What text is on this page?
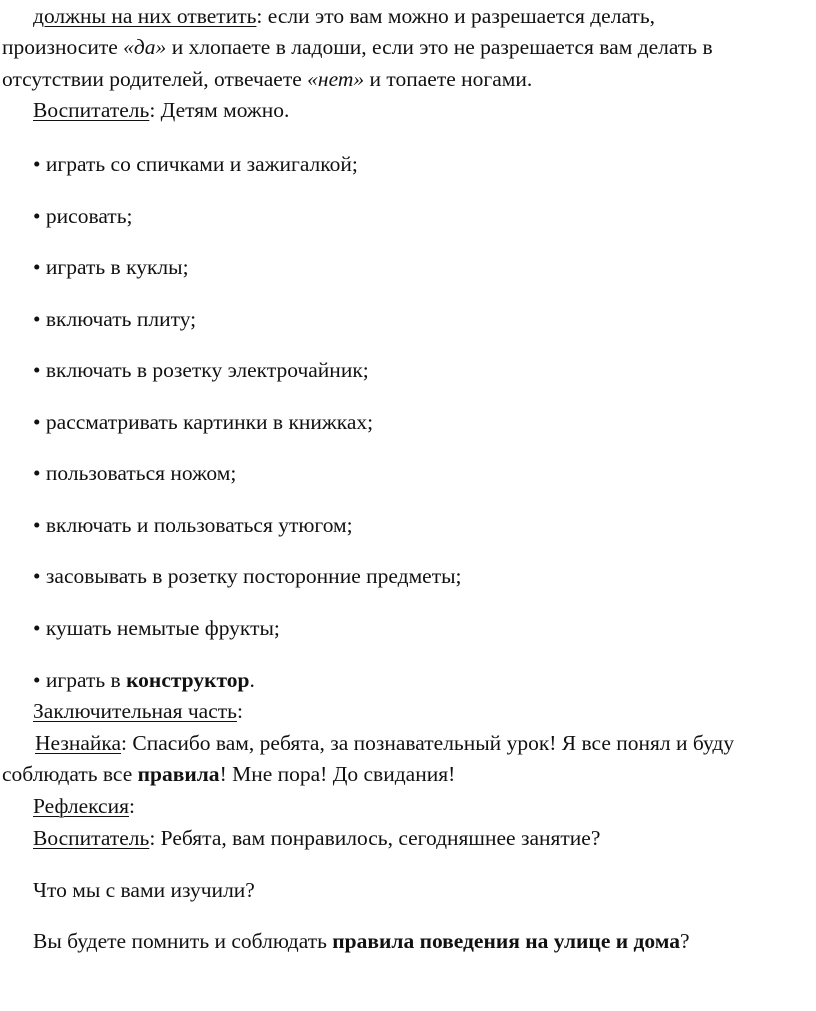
должны на них ответить: если это вам можно и разрешается делать,
произносите «да» и хлопаете в ладоши, если это не разрешается вам делать в
отсутствии родителей, отвечаете «нет» и топаете ногами.
Воспитатель: Детям можно.
• играть со спичками и зажигалкой;
• рисовать;
• играть в куклы;
• включать плиту;
• включать в розетку электрочайник;
• рассматривать картинки в книжках;
• пользоваться ножом;
• включать и пользоваться утюгом;
• засовывать в розетку посторонние предметы;
• кушать немытые фрукты;
• играть в конструктор.
Заключительная часть:
Незнайка: Спасибо вам, ребята, за познавательный урок! Я все понял и буду
соблюдать все правила! Мне пора! До свидания!
Рефлексия:
Воспитатель: Ребята, вам понравилось, сегодняшнее занятие?
Что мы с вами изучили?
Вы будете помнить и соблюдать правила поведения на улице и дома?
